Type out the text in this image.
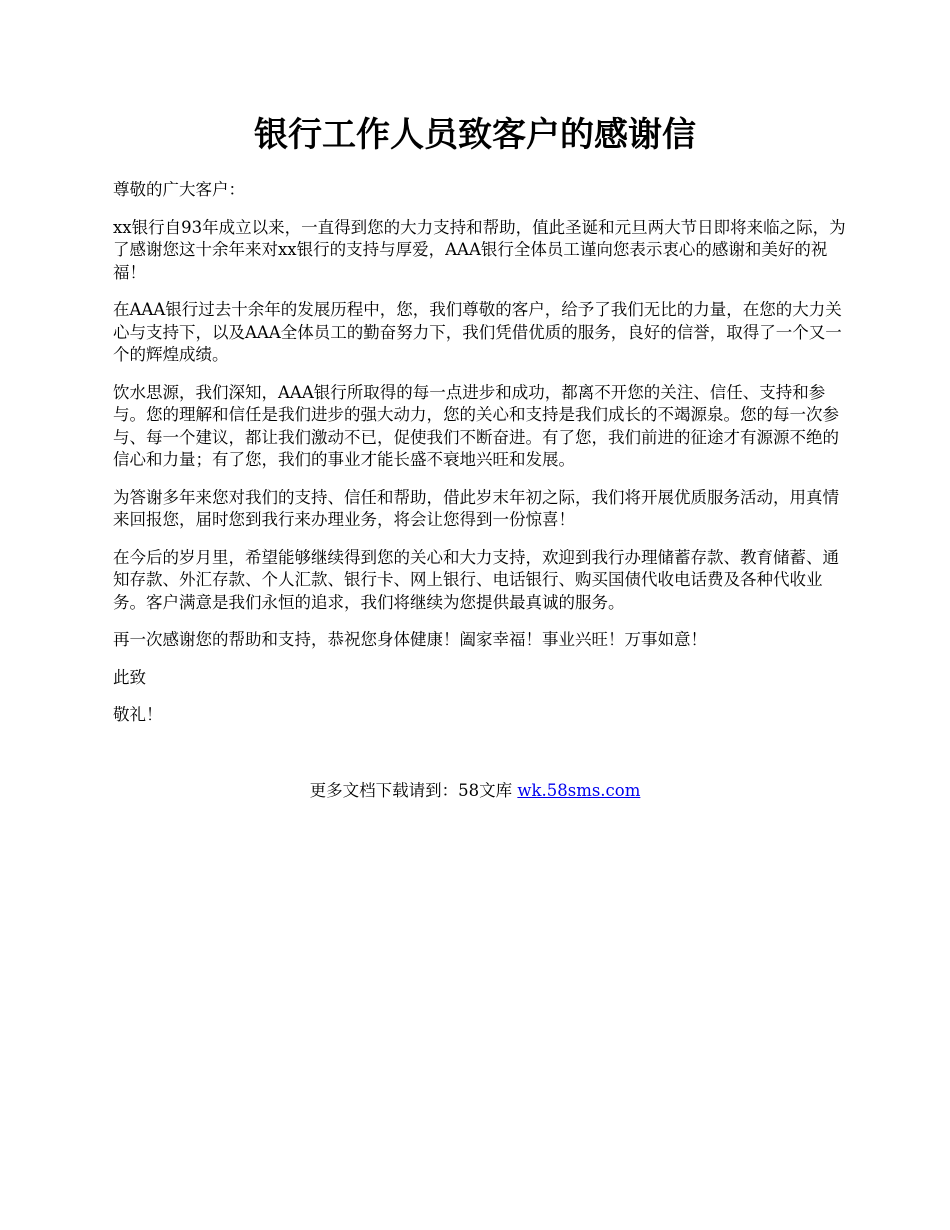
银行工作人员致客户的感谢信

尊敬的广大客户：

xx银行自93年成立以来，一直得到您的大力支持和帮助，值此圣诞和元旦两大节日即将来临之际，为了感谢您这十余年来对xx银行的支持与厚爱，AAA银行全体员工谨向您表示衷心的感谢和美好的祝福！

在AAA银行过去十余年的发展历程中，您，我们尊敬的客户，给予了我们无比的力量，在您的大力关心与支持下，以及AAA全体员工的勤奋努力下，我们凭借优质的服务，良好的信誉，取得了一个又一个的辉煌成绩。

饮水思源，我们深知，AAA银行所取得的每一点进步和成功，都离不开您的关注、信任、支持和参与。您的理解和信任是我们进步的强大动力，您的关心和支持是我们成长的不竭源泉。您的每一次参与、每一个建议，都让我们激动不已，促使我们不断奋进。有了您，我们前进的征途才有源源不绝的信心和力量；有了您，我们的事业才能长盛不衰地兴旺和发展。

为答谢多年来您对我们的支持、信任和帮助，借此岁末年初之际，我们将开展优质服务活动，用真情来回报您，届时您到我行来办理业务，将会让您得到一份惊喜！

在今后的岁月里，希望能够继续得到您的关心和大力支持，欢迎到我行办理储蓄存款、教育储蓄、通知存款、外汇存款、个人汇款、银行卡、网上银行、电话银行、购买国债代收电话费及各种代收业务。客户满意是我们永恒的追求，我们将继续为您提供最真诚的服务。

再一次感谢您的帮助和支持，恭祝您身体健康！阖家幸福！事业兴旺！万事如意！

此致

敬礼！

更多文档下载请到：58文库 wk.58sms.com
